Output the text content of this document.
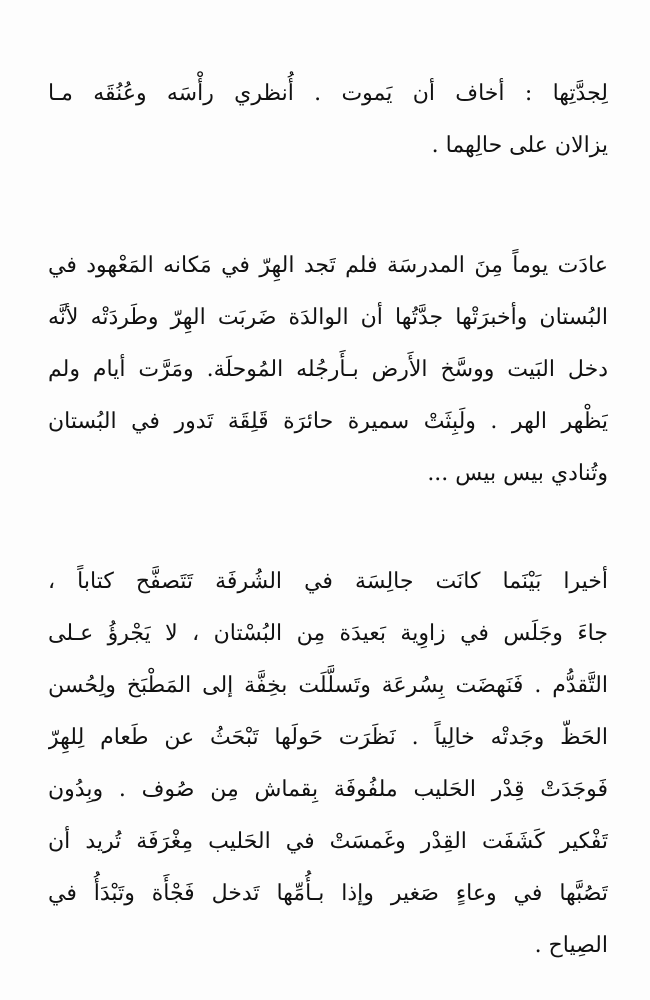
لِجدَّتِها : أخاف أن يَموت . أُنظري رأْسَه وعُنُقَه مـا
يزالان على حالِهما .
عادَت يوماً مِنَ المدرسَة فلم تَجد الهِرّ في مَكانه المَعْهود في
البُستان وأخبرَتْها جدَّتُها أن الوالدَة ضَربَت الهِرّ وطَردَتْه لأنَّه
دخل البَيت ووسَّخ الأَرض بـأَرجُله المُوحلَة. ومَرَّت أيام ولم
يَظْهر الهر . ولَبِثَتْ سميرة حائرَة قَلِقَة تَدور في البُستان
وتُنادي بيس بيس ...
أخيرا بَيْنَما كانَت جالِسَة في الشُرفَة تَتَصفَّح كتاباً ،
جاءَ وجَلَس في زاوِية بَعيدَة مِن البُسْتان ، لا يَجْرؤُ عـلى
التَّقدُّم . فَنَهضَت بِسُرعَة وتَسلَّلَت بخِفَّة إلى المَطْبَخ ولِحُسن
الحَظّ وجَدتْه خالِياً . نَظَرَت حَولَها تَبْحَثُ عن طَعام لِلهِرّ
فَوجَدَتْ قِدْر الحَليب ملفُوفَة بِقماش مِن صُوف . وبِدُون
تَفْكير كَشَفَت القِدْر وغَمسَتْ في الحَليب مِغْرَفَة تُريد أن
تَصُبَّها في وعاءٍ صَغير وإذا بـأُمِّها تَدخل فَجْأَة وتَبْدَأُ في
الصِياح .
